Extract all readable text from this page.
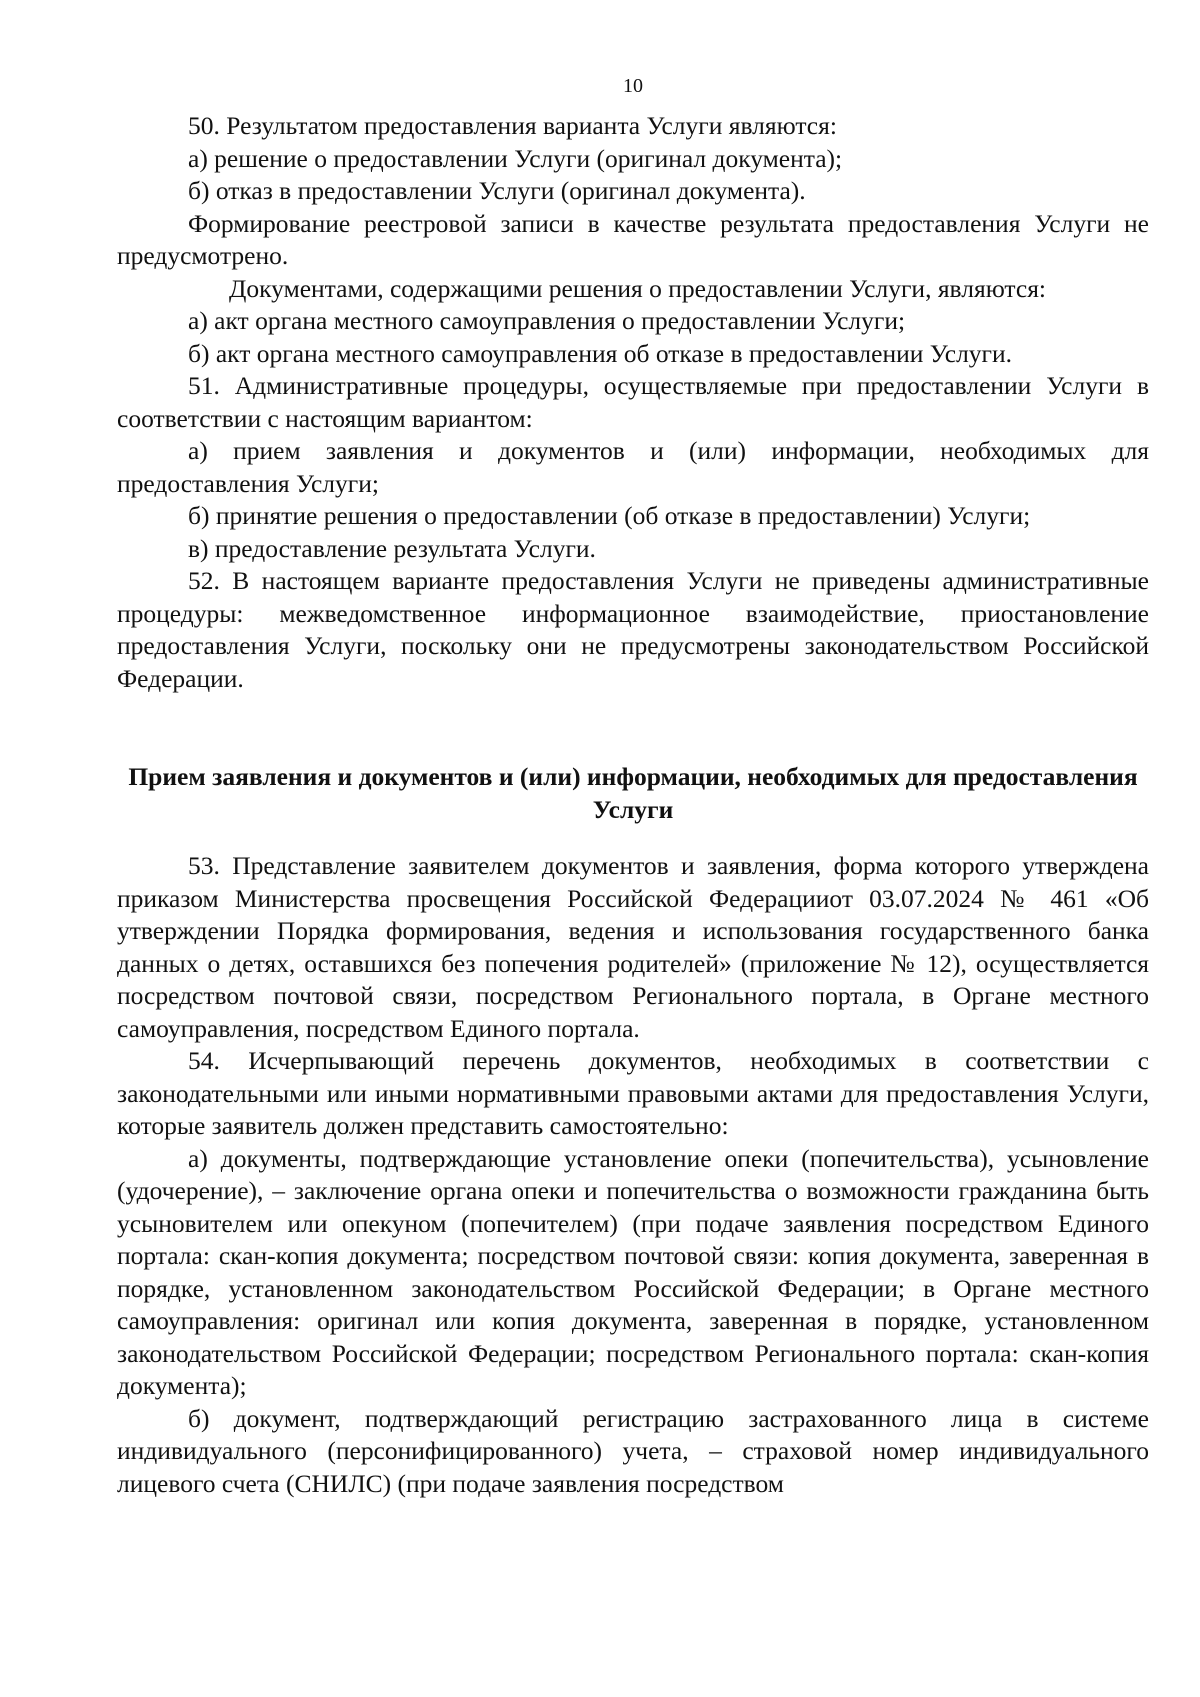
10

50. Результатом предоставления варианта Услуги являются:

а) решение о предоставлении Услуги (оригинал документа);

б) отказ в предоставлении Услуги (оригинал документа).

Формирование реестровой записи в качестве результата предоставления Услуги не предусмотрено.

Документами, содержащими решения о предоставлении Услуги, являются:

а) акт органа местного самоуправления о предоставлении Услуги;

б) акт органа местного самоуправления об отказе в предоставлении Услуги.

51. Административные процедуры, осуществляемые при предоставлении Услуги в соответствии с настоящим вариантом:

а) прием заявления и документов и (или) информации, необходимых для предоставления Услуги;

б) принятие решения о предоставлении (об отказе в предоставлении) Услуги;

в) предоставление результата Услуги.

52. В настоящем варианте предоставления Услуги не приведены административные процедуры: межведомственное информационное взаимодействие, приостановление предоставления Услуги, поскольку они не предусмотрены законодательством Российской Федерации.

Прием заявления и документов и (или) информации, необходимых для предоставления Услуги

53. Представление заявителем документов и заявления, форма которого утверждена приказом Министерства просвещения Российской Федерацииот 03.07.2024 № 461 «Об утверждении Порядка формирования, ведения и использования государственного банка данных о детях, оставшихся без попечения родителей» (приложение № 12), осуществляется посредством почтовой связи, посредством Регионального портала, в Органе местного самоуправления, посредством Единого портала.

54. Исчерпывающий перечень документов, необходимых в соответствии с законодательными или иными нормативными правовыми актами для предоставления Услуги, которые заявитель должен представить самостоятельно:

а) документы, подтверждающие установление опеки (попечительства), усыновление (удочерение), – заключение органа опеки и попечительства о возможности гражданина быть усыновителем или опекуном (попечителем) (при подаче заявления посредством Единого портала: скан-копия документа; посредством почтовой связи: копия документа, заверенная в порядке, установленном законодательством Российской Федерации; в Органе местного самоуправления: оригинал или копия документа, заверенная в порядке, установленном законодательством Российской Федерации; посредством Регионального портала: скан-копия документа);

б) документ, подтверждающий регистрацию застрахованного лица в системе индивидуального (персонифицированного) учета, – страховой номер индивидуального лицевого счета (СНИЛС) (при подаче заявления посредством
